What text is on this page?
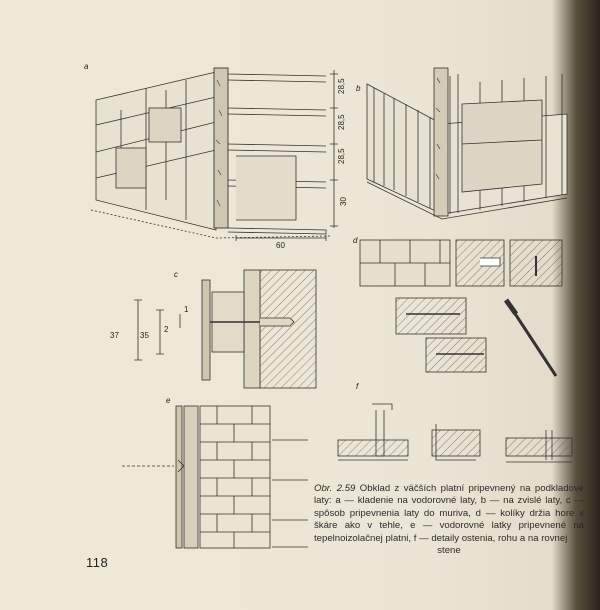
28,5
28,5
28,5
30
60
a
b
37	35
2
1
c
d
e
f
Obr. 2.59 Obklad z väčších platní pripevnený na podkladové laty: a — kladenie na vodorovné laty, b — na zvislé laty, c — spôsob pripevnenia laty do muriva, d — kolíky držia hore v škáre ako v tehle, e — vodorovné latky pripevnené na tepelnoizolačnej platni, f — detaily ostenia, rohu a na rovnej
stene
118
